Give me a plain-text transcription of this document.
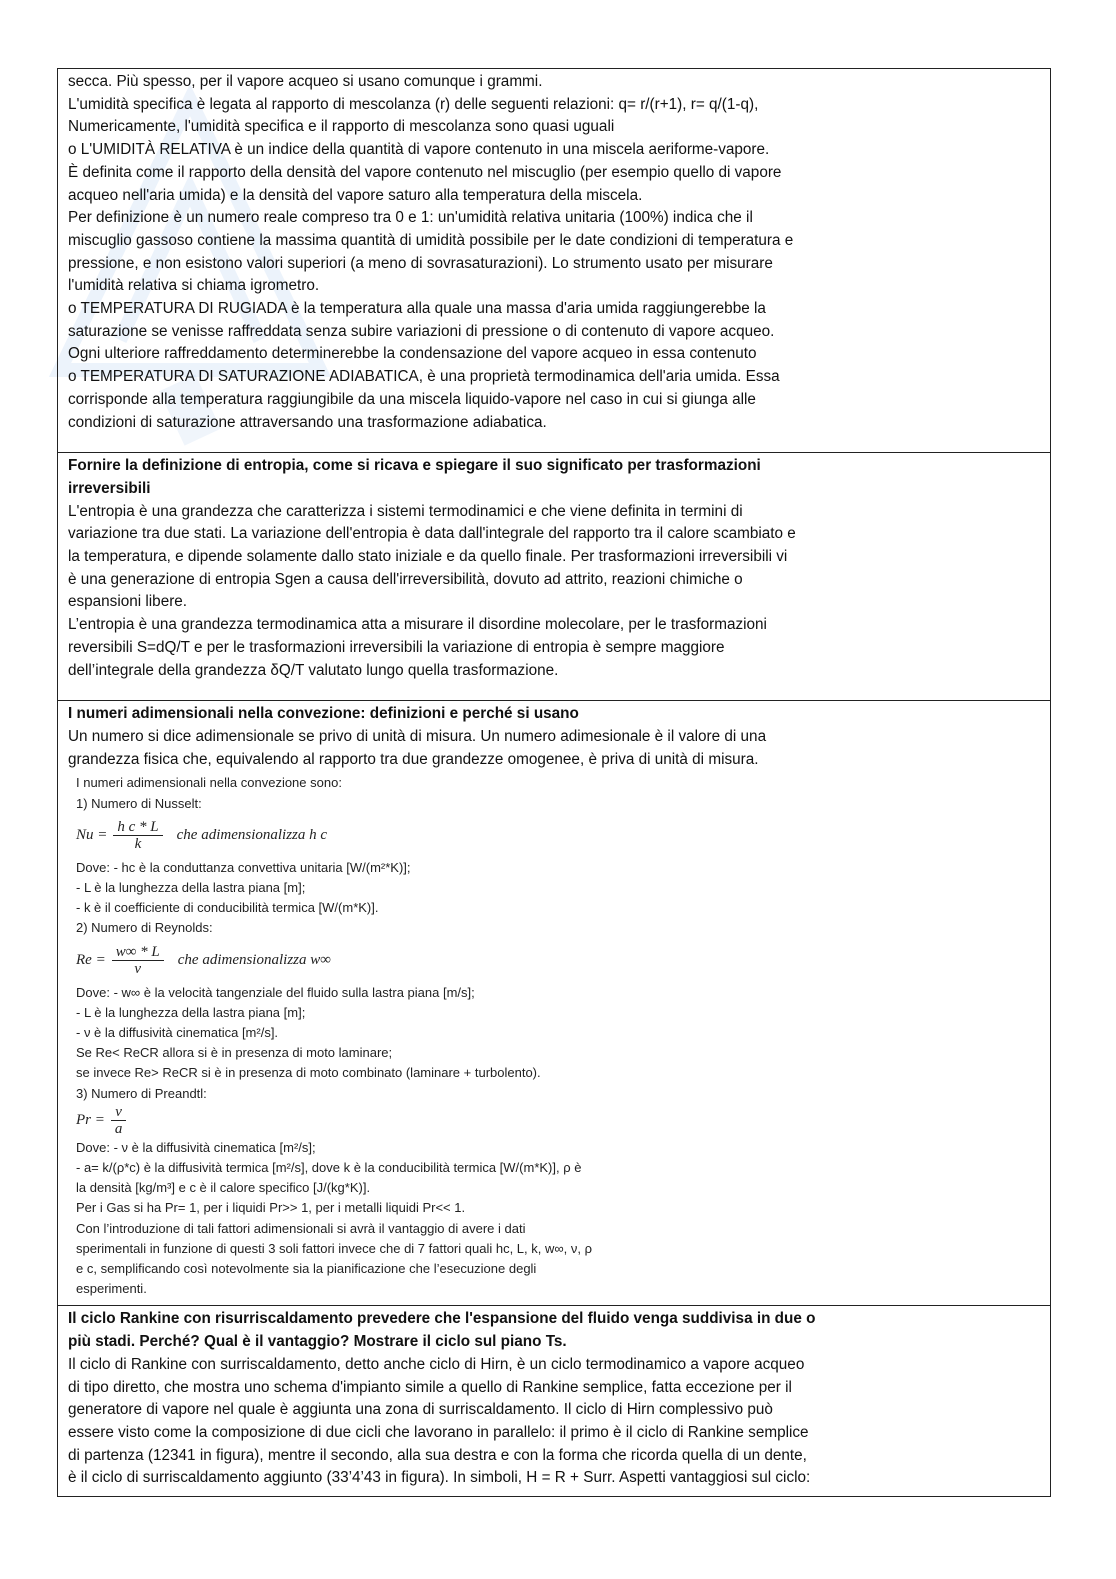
secca. Più spesso, per il vapore acqueo si usano comunque i grammi.

L'umidità specifica è legata al rapporto di mescolanza (r) delle seguenti relazioni: q= r/(r+1), r= q/(1-q),

Numericamente, l'umidità specifica e il rapporto di mescolanza sono quasi uguali

o L'UMIDITÀ RELATIVA è un indice della quantità di vapore contenuto in una miscela aeriforme-vapore.

È definita come il rapporto della densità del vapore contenuto nel miscuglio (per esempio quello di vapore

acqueo nell'aria umida) e la densità del vapore saturo alla temperatura della miscela.

Per definizione è un numero reale compreso tra 0 e 1: un'umidità relativa unitaria (100%) indica che il

miscuglio gassoso contiene la massima quantità di umidità possibile per le date condizioni di temperatura e

pressione, e non esistono valori superiori (a meno di sovrasaturazioni). Lo strumento usato per misurare

l'umidità relativa si chiama igrometro.

o TEMPERATURA DI RUGIADA è la temperatura alla quale una massa d'aria umida raggiungerebbe la

saturazione se venisse raffreddata senza subire variazioni di pressione o di contenuto di vapore acqueo.

Ogni ulteriore raffreddamento determinerebbe la condensazione del vapore acqueo in essa contenuto

o TEMPERATURA DI SATURAZIONE ADIABATICA, è una proprietà termodinamica dell'aria umida. Essa

corrisponde alla temperatura raggiungibile da una miscela liquido-vapore nel caso in cui si giunga alle

condizioni di saturazione attraversando una trasformazione adiabatica.

Fornire la definizione di entropia, come si ricava e spiegare il suo significato per trasformazioni

irreversibili

L'entropia è una grandezza che caratterizza i sistemi termodinamici e che viene definita in termini di

variazione tra due stati. La variazione dell'entropia è data dall'integrale del rapporto tra il calore scambiato e

la temperatura, e dipende solamente dallo stato iniziale e da quello finale. Per trasformazioni irreversibili vi

è una generazione di entropia Sgen a causa dell'irreversibilità, dovuto ad attrito, reazioni chimiche o

espansioni libere.

L’entropia è una grandezza termodinamica atta a misurare il disordine molecolare, per le trasformazioni

reversibili S=dQ/T e per le trasformazioni irreversibili la variazione di entropia è sempre maggiore

dell’integrale della grandezza δQ/T valutato lungo quella trasformazione.

I numeri adimensionali nella convezione: definizioni e perché si usano

Un numero si dice adimensionale se privo di unità di misura. Un numero adimesionale è il valore di una

grandezza fisica che, equivalendo al rapporto tra due grandezze omogenee, è priva di unità di misura.

I numeri adimensionali nella convezione sono:

1) Numero di Nusselt:

$Nu = \frac{\text{h c * L}}{k}$ che adimensionalizza h c

Dove: - hc è la conduttanza convettiva unitaria [W/(m²*K)];

- L è la lunghezza della lastra piana [m];

- k è il coefficiente di conducibilità termica [W/(m*K)].

2) Numero di Reynolds:

$Re = \frac{w\infty * L}{\nu}$ che adimensionalizza w∞

Dove: - w∞ è la velocità tangenziale del fluido sulla lastra piana [m/s];

- L è la lunghezza della lastra piana [m];

- ν è la diffusività cinematica [m²/s].

Se Re< ReCR allora si è in presenza di moto laminare;

se invece Re> ReCR si è in presenza di moto combinato (laminare + turbolento).

3) Numero di Preandtl:

$Pr = \frac{\nu}{a}$

Dove: - ν è la diffusività cinematica [m²/s];

- a= k/(ρ*c) è la diffusività termica [m²/s], dove k è la conducibilità termica [W/(m*K)], ρ è

la densità [kg/m³] e c è il calore specifico [J/(kg*K)].

Per i Gas si ha Pr= 1, per i liquidi Pr>> 1, per i metalli liquidi Pr<< 1.

Con l’introduzione di tali fattori adimensionali si avrà il vantaggio di avere i dati

sperimentali in funzione di questi 3 soli fattori invece che di 7 fattori quali hc, L, k, w∞, ν, ρ

e c, semplificando così notevolmente sia la pianificazione che l’esecuzione degli

esperimenti.

Il ciclo Rankine con risurriscaldamento prevedere che l'espansione del fluido venga suddivisa in due o

più stadi. Perché? Qual è il vantaggio? Mostrare il ciclo sul piano Ts.

Il ciclo di Rankine con surriscaldamento, detto anche ciclo di Hirn, è un ciclo termodinamico a vapore acqueo

di tipo diretto, che mostra uno schema d'impianto simile a quello di Rankine semplice, fatta eccezione per il

generatore di vapore nel quale è aggiunta una zona di surriscaldamento. Il ciclo di Hirn complessivo può

essere visto come la composizione di due cicli che lavorano in parallelo: il primo è il ciclo di Rankine semplice

di partenza (12341 in figura), mentre il secondo, alla sua destra e con la forma che ricorda quella di un dente,

è il ciclo di surriscaldamento aggiunto (33’4’43 in figura). In simboli, H = R + Surr. Aspetti vantaggiosi sul ciclo:
